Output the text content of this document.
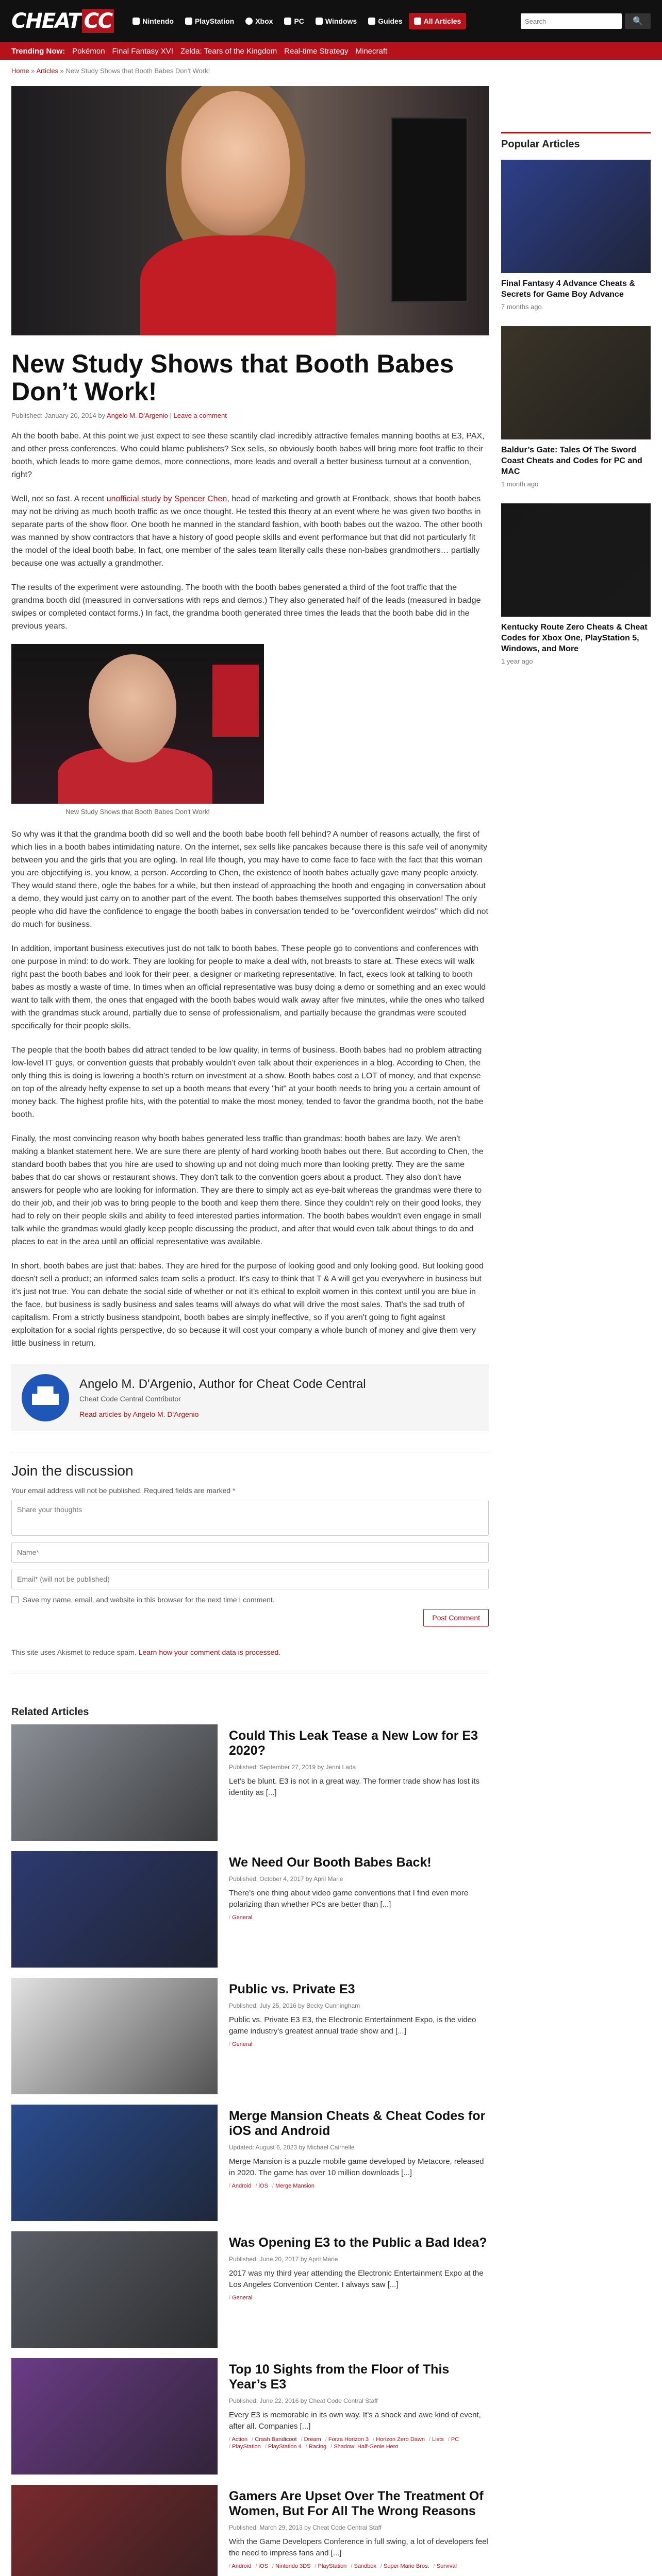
CHEAT CC	Nintendo	PlayStation	Xbox	PC	Windows	Guides	All Articles
Search	🔍
Trending Now: Pokémon Final Fantasy XVI Zelda: Tears of the Kingdom Real-time Strategy Minecraft
Home » Articles » New Study Shows that Booth Babes Don't Work!
New Study Shows that Booth Babes Don’t Work!
Published: January 20, 2014 by Angelo M. D'Argenio | Leave a comment

Ah the booth babe. At this point we just expect to see these scantily clad incredibly attractive females manning booths at E3, PAX, and other press conferences. Who could blame publishers? Sex sells, so obviously booth babes will bring more foot traffic to their booth, which leads to more game demos, more connections, more leads and overall a better business turnout at a convention, right?

Well, not so fast. A recent unofficial study by Spencer Chen, head of marketing and growth at Frontback, shows that booth babes may not be driving as much booth traffic as we once thought. He tested this theory at an event where he was given two booths in separate parts of the show floor. One booth he manned in the standard fashion, with booth babes out the wazoo. The other booth was manned by show contractors that have a history of good people skills and event performance but that did not particularly fit the model of the ideal booth babe. In fact, one member of the sales team literally calls these non-babes grandmothers… partially because one was actually a grandmother.

The results of the experiment were astounding. The booth with the booth babes generated a third of the foot traffic that the grandma booth did (measured in conversations with reps and demos.) They also generated half of the leads (measured in badge swipes or completed contact forms.) In fact, the grandma booth generated three times the leads that the booth babe did in the previous years.

New Study Shows that Booth Babes Don't Work!

So why was it that the grandma booth did so well and the booth babe booth fell behind? A number of reasons actually, the first of which lies in a booth babes intimidating nature. On the internet, sex sells like pancakes because there is this safe veil of anonymity between you and the girls that you are ogling. In real life though, you may have to come face to face with the fact that this woman you are objectifying is, you know, a person. According to Chen, the existence of booth babes actually gave many people anxiety. They would stand there, ogle the babes for a while, but then instead of approaching the booth and engaging in conversation about a demo, they would just carry on to another part of the event. The booth babes themselves supported this observation! The only people who did have the confidence to engage the booth babes in conversation tended to be "overconfident weirdos" which did not do much for business.

In addition, important business executives just do not talk to booth babes. These people go to conventions and conferences with one purpose in mind: to do work. They are looking for people to make a deal with, not breasts to stare at. These execs will walk right past the booth babes and look for their peer, a designer or marketing representative. In fact, execs look at talking to booth babes as mostly a waste of time. In times when an official representative was busy doing a demo or something and an exec would want to talk with them, the ones that engaged with the booth babes would walk away after five minutes, while the ones who talked with the grandmas stuck around, partially due to sense of professionalism, and partially because the grandmas were scouted specifically for their people skills.

The people that the booth babes did attract tended to be low quality, in terms of business. Booth babes had no problem attracting low-level IT guys, or convention guests that probably wouldn't even talk about their experiences in a blog. According to Chen, the only thing this is doing is lowering a booth's return on investment at a show. Booth babes cost a LOT of money, and that expense on top of the already hefty expense to set up a booth means that every "hit" at your booth needs to bring you a certain amount of money back. The highest profile hits, with the potential to make the most money, tended to favor the grandma booth, not the babe booth.

Finally, the most convincing reason why booth babes generated less traffic than grandmas: booth babes are lazy. We aren't making a blanket statement here. We are sure there are plenty of hard working booth babes out there. But according to Chen, the standard booth babes that you hire are used to showing up and not doing much more than looking pretty. They are the same babes that do car shows or restaurant shows. They don't talk to the convention goers about a product. They also don't have answers for people who are looking for information. They are there to simply act as eye-bait whereas the grandmas were there to do their job, and their job was to bring people to the booth and keep them there. Since they couldn't rely on their good looks, they had to rely on their people skills and ability to feed interested parties information. The booth babes wouldn't even engage in small talk while the grandmas would gladly keep people discussing the product, and after that would even talk about things to do and places to eat in the area until an official representative was available.

In short, booth babes are just that: babes. They are hired for the purpose of looking good and only looking good. But looking good doesn't sell a product; an informed sales team sells a product. It's easy to think that T & A will get you everywhere in business but it's just not true. You can debate the social side of whether or not it's ethical to exploit women in this context until you are blue in the face, but business is sadly business and sales teams will always do what will drive the most sales. That's the sad truth of capitalism. From a strictly business standpoint, booth babes are simply ineffective, so if you aren't going to fight against exploitation for a social rights perspective, do so because it will cost your company a whole bunch of money and give them very little business in return.

Angelo M. D'Argenio, Author for Cheat Code Central
Cheat Code Central Contributor
Read articles by Angelo M. D'Argenio
Join the discussion
Your email address will not be published. Required fields are marked *
Share your thoughts
Name*
Email* (will not be published)
Save my name, email, and website in this browser for the next time I comment.
Post Comment
This site uses Akismet to reduce spam. Learn how your comment data is processed.
Related Articles
Could This Leak Tease a New Low for E3 2020?
Published: September 27, 2019 by Jenni Lada
Let’s be blunt. E3 is not in a great way. The former trade show has lost its identity as [...]
We Need Our Booth Babes Back!
Published: October 4, 2017 by April Marie
There’s one thing about video game conventions that I find even more polarizing than whether PCs are better than [...]
/ General
Public vs. Private E3
Published: July 25, 2016 by Becky Cunningham
Public vs. Private E3 E3, the Electronic Entertainment Expo, is the video game industry's greatest annual trade show and [...]
/ General
Merge Mansion Cheats & Cheat Codes for iOS and Android
Updated: August 6, 2023 by Michael Cairnelle
Merge Mansion is a puzzle mobile game developed by Metacore, released in 2020. The game has over 10 million downloads [...]
/ Android	/ iOS	/ Merge Mansion
Was Opening E3 to the Public a Bad Idea?
Published: June 20, 2017 by April Marie
2017 was my third year attending the Electronic Entertainment Expo at the Los Angeles Convention Center. I always saw [...]
/ General
Top 10 Sights from the Floor of This Year’s E3
Published: June 22, 2016 by Cheat Code Central Staff
Every E3 is memorable in its own way. It’s a shock and awe kind of event, after all. Companies [...]
/ Action	/ Crash Bandicoot	/ Dream	/ Forza Horizon 3	/ Horizon Zero Dawn	/ Lists	/ PC
/ PlayStation	/ PlayStation 4	/ Racing	/ Shadow: Half-Genie Hero
Gamers Are Upset Over The Treatment Of Women, But For All The Wrong Reasons
Published: March 29, 2013 by Cheat Code Central Staff
With the Game Developers Conference in full swing, a lot of developers feel the need to impress fans and [...]
/ Android	/ iOS	/ Nintendo 3DS	/ PlayStation	/ Sandbox	/ Super Mario Bros.	/ Survival
Popular Articles
Final Fantasy 4 Advance Cheats & Secrets for Game Boy Advance
7 months ago
Baldur’s Gate: Tales Of The Sword Coast Cheats and Codes for PC and MAC
1 month ago
Kentucky Route Zero Cheats & Cheat Codes for Xbox One, PlayStation 5, Windows, and More
1 year ago
